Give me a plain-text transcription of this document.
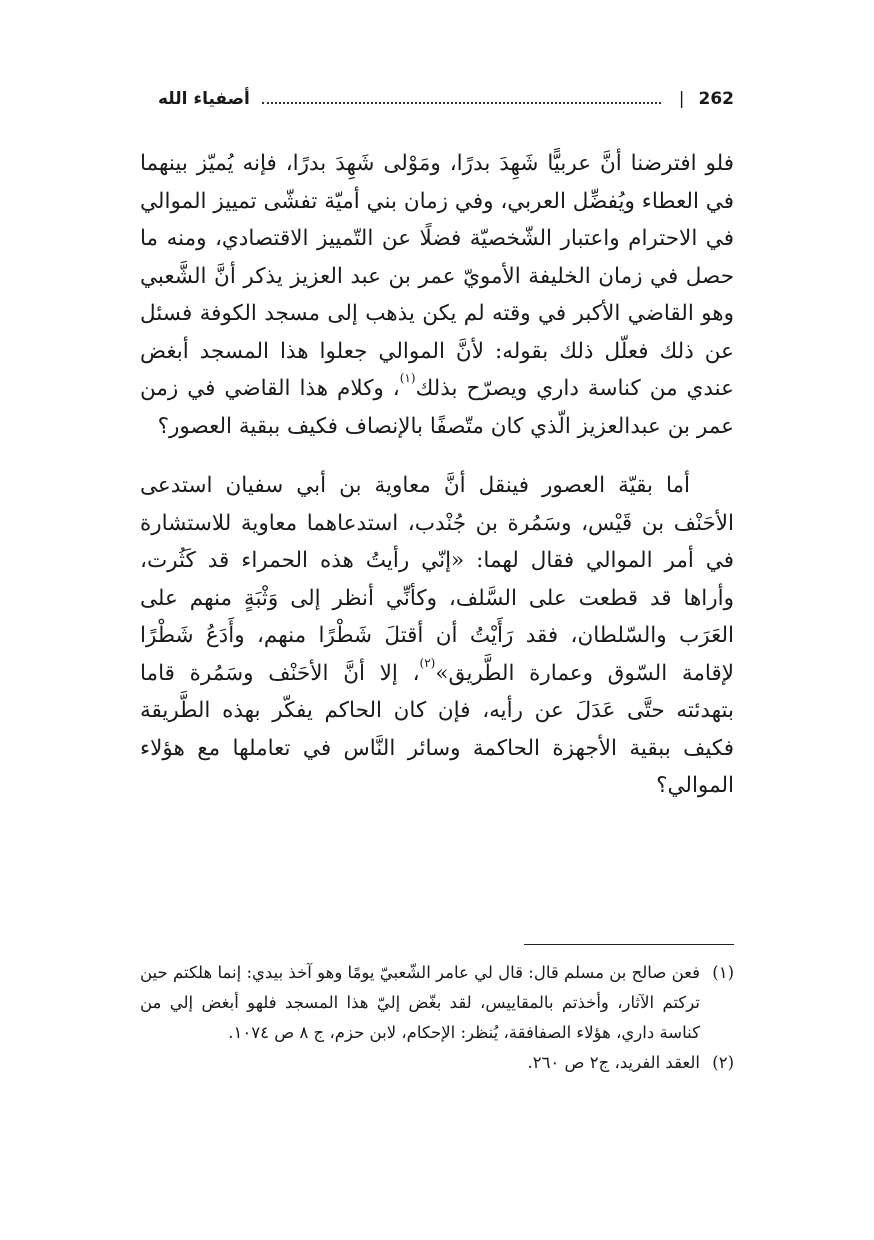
262
|
أصفياء الله

فلو افترضنا أنَّ عربيًّا شَهِدَ بدرًا، ومَوْلى شَهِدَ بدرًا، فإنه يُميّز بينهما في العطاء ويُفضِّل العربي، وفي زمان بني أميّة تفشّى تمييز الموالي في الاحترام واعتبار الشّخصيّة فضلًا عن التّمييز الاقتصادي، ومنه ما حصل في زمان الخليفة الأمويّ عمر بن عبد العزيز يذكر أنَّ الشَّعبي وهو القاضي الأكبر في وقته لم يكن يذهب إلى مسجد الكوفة فسئل عن ذلك فعلّل ذلك بقوله: لأنَّ الموالي جعلوا هذا المسجد أبغض عندي من كناسة داري ويصرّح بذلك$^{(١)}$، وكلام هذا القاضي في زمن عمر بن عبدالعزيز الّذي كان متّصفًا بالإنصاف فكيف ببقية العصور؟

أما بقيّة العصور فينقل أنَّ معاوية بن أبي سفيان استدعى الأحَنْف بن قَيْس، وسَمُرة بن جُنْدب، استدعاهما معاوية للاستشارة في أمر الموالي فقال لهما: «إنّي رأيتُ هذه الحمراء قد كَثُرت، وأراها قد قطعت على السَّلف، وكأنِّي أنظر إلى وَثْبَةٍ منهم على العَرَب والسّلطان، فقد رَأَيْتُ أن أقتلَ شَطْرًا منهم، وأَدَعُ شَطْرًا لإقامة السّوق وعمارة الطَّريق»$^{(٢)}$، إلا أنَّ الأحَنْف وسَمُرة قاما بتهدئته حتَّى عَدَلَ عن رأيه، فإن كان الحاكم يفكّر بهذه الطَّريقة فكيف ببقية الأجهزة الحاكمة وسائر النَّاس في تعاملها مع هؤلاء الموالي؟

(١)
فعن صالح بن مسلم قال: قال لي عامر الشّعبيّ يومًا وهو آخذ بيدي: إنما هلكتم حين تركتم الآثار، وأخذتم بالمقاييس، لقد بغّض إليّ هذا المسجد فلهو أبغض إلي من كناسة داري، هؤلاء الصفافقة، يُنظر: الإحكام، لابن حزم، ج ٨ ص ١٠٧٤.
(٢)
العقد الفريد، ج٢ ص ٢٦٠.
